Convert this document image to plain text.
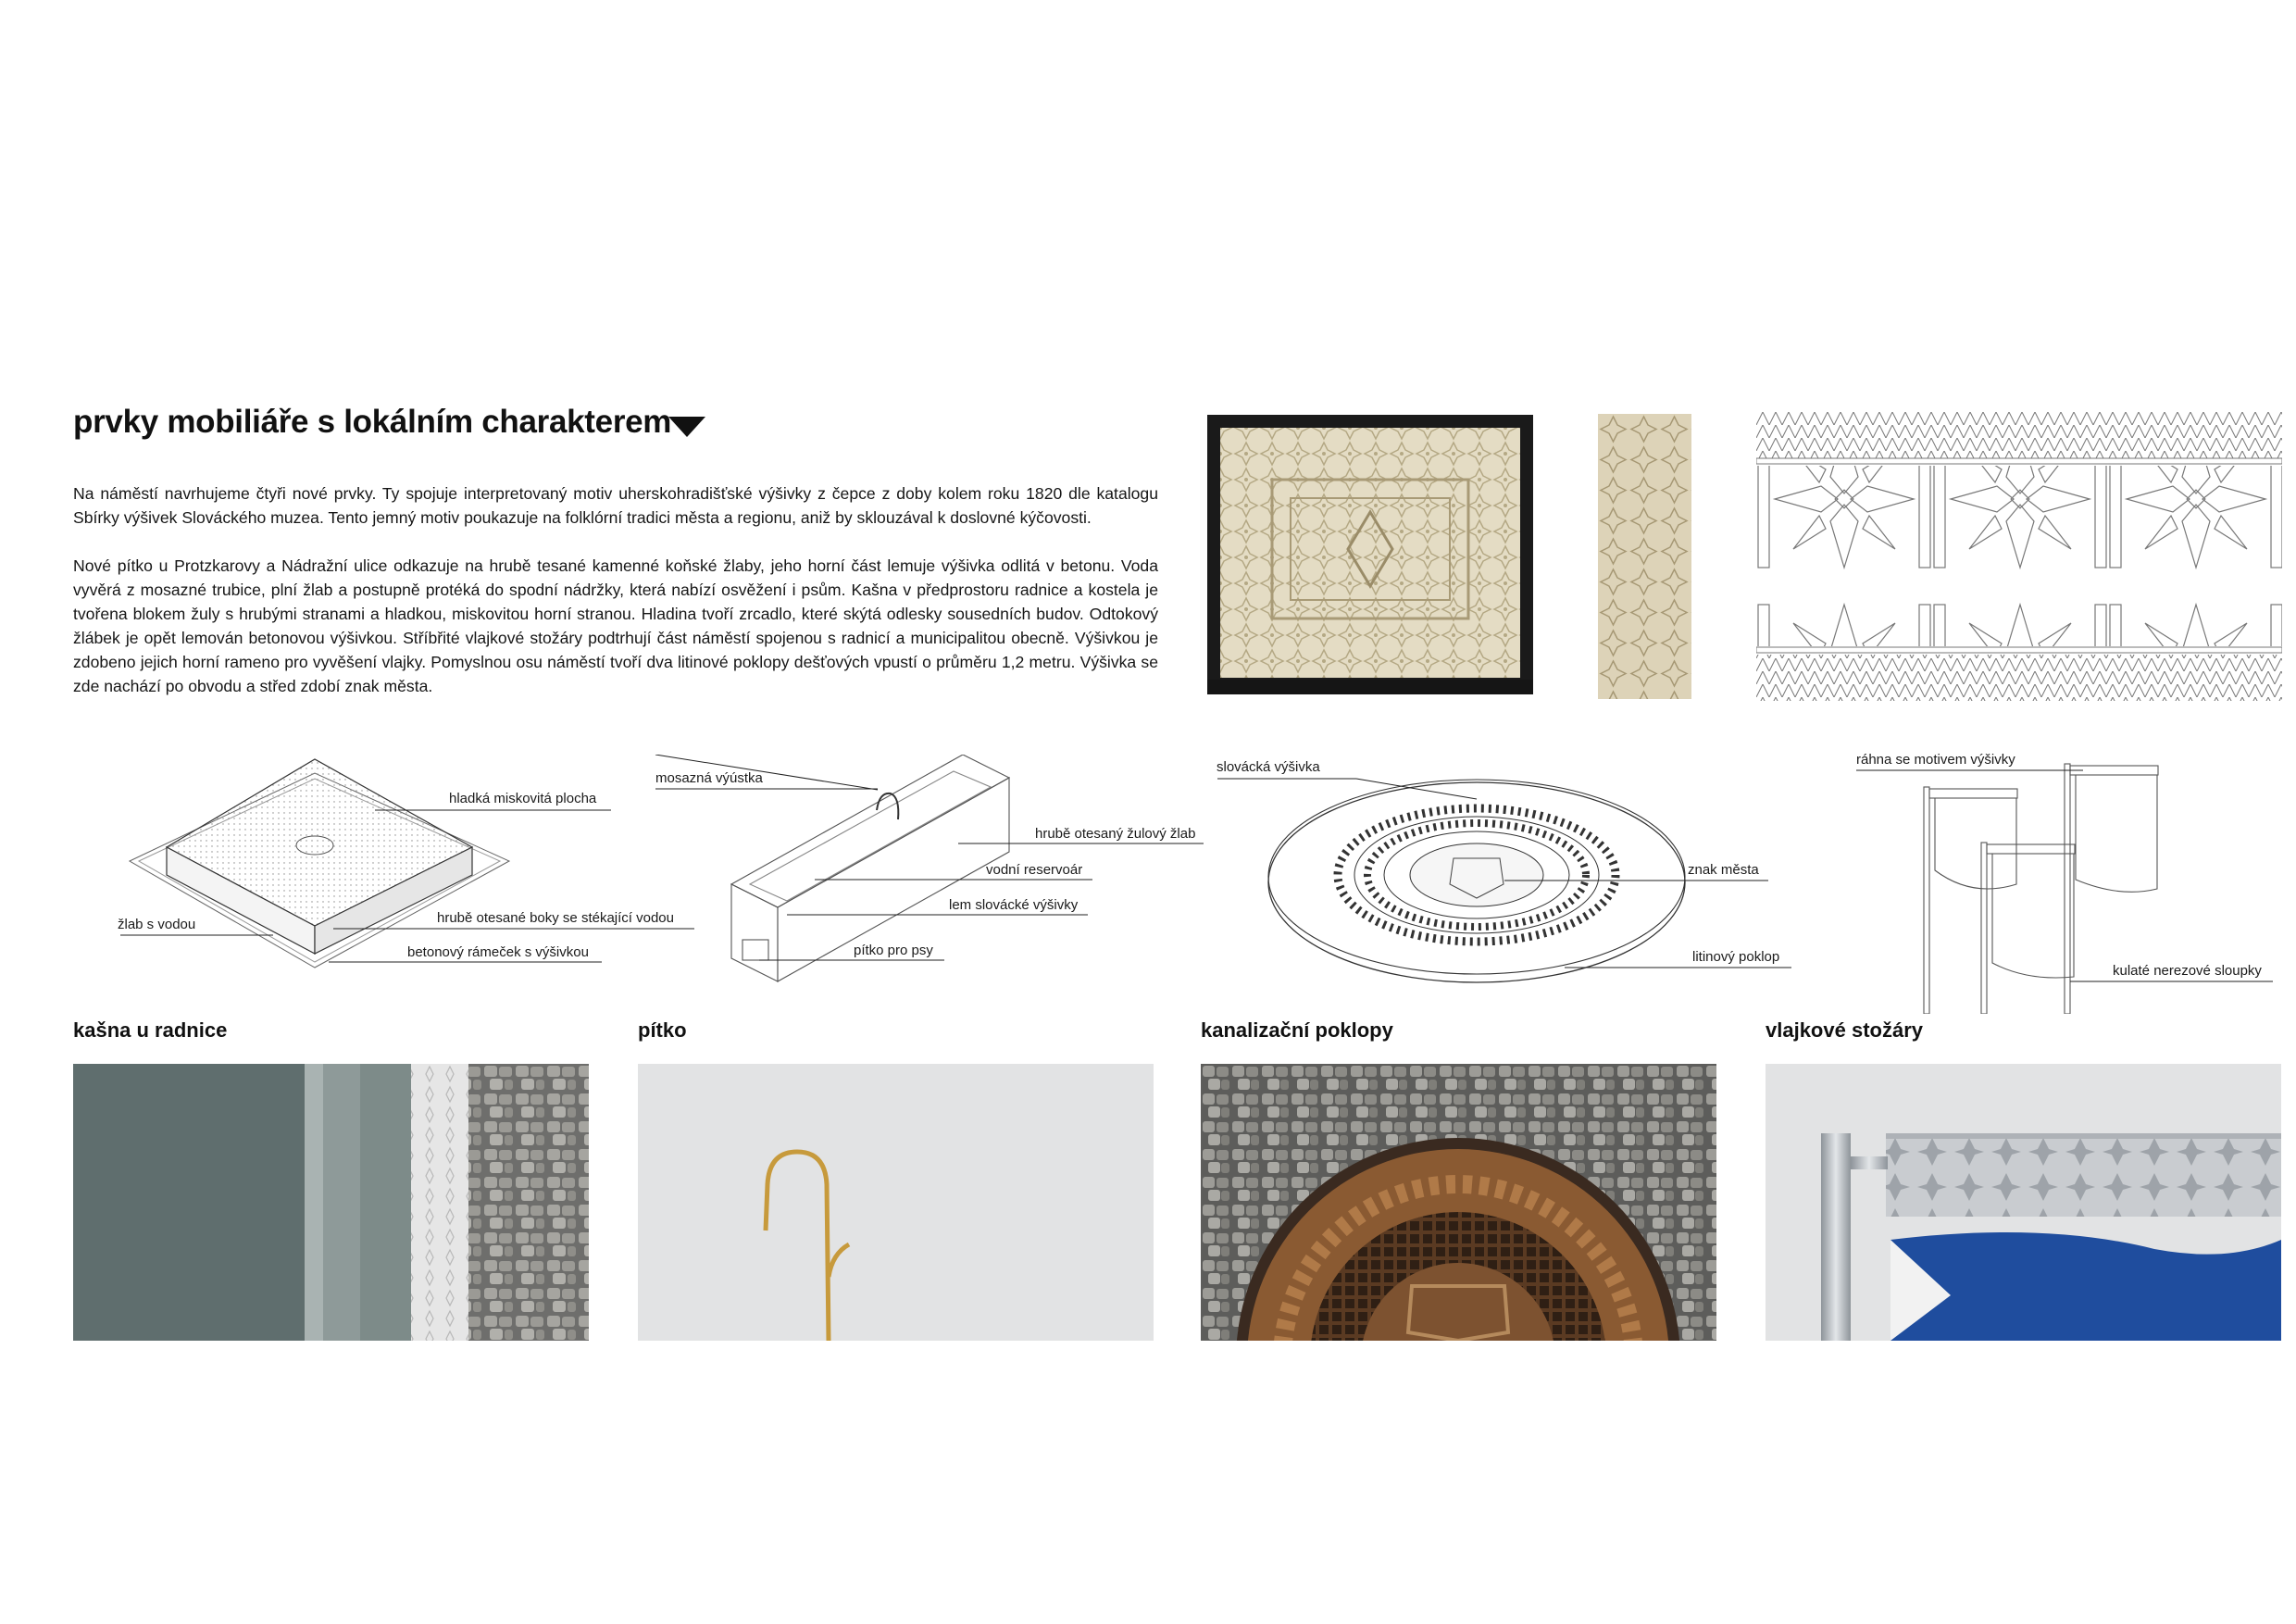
prvky mobiliáře s lokálním charakterem

Na náměstí navrhujeme čtyři nové prvky. Ty spojuje interpretovaný motiv uherskohradišťské výšivky z čepce z doby kolem roku 1820 dle katalogu Sbírky výšivek Slováckého muzea. Tento jemný motiv poukazuje na folklórní tradici města a regionu, aniž by sklouzával k doslovné kýčovosti.

Nové pítko u Protzkarovy a Nádražní ulice odkazuje na hrubě tesané kamenné koňské žlaby, jeho horní část lemuje výšivka odlitá v betonu. Voda vyvěrá z mosazné trubice, plní žlab a postupně protéká do spodní nádržky, která nabízí osvěžení i psům. Kašna v předprostoru radnice a kostela je tvořena blokem žuly s hrubými stranami a hladkou, miskovitou horní stranou. Hladina tvoří zrcadlo, které skýtá odlesky sousedních budov. Odtokový žlábek je opět lemován betonovou výšivkou. Stříbřité vlajkové stožáry podtrhují část náměstí spojenou s radnicí a municipalitou obecně. Výšivkou je zdobeno jejich horní rameno pro vyvěšení vlajky. Pomyslnou osu náměstí tvoří dva litinové poklopy dešťových vpustí o průměru 1,2 metru. Výšivka se zde nachází po obvodu a střed zdobí znak města.

hladká miskovitá plocha
žlab s vodou	hrubě otesané boky se stékající vodou
betonový rámeček s výšivkou
mosazná výústka
hrubě otesaný žulový žlab
vodní reservoár
lem slovácké výšivky
pítko pro psy
slovácká výšivka
znak města
litinový poklop
ráhna se motivem výšivky
kulaté nerezové sloupky
kašna u radnice	pítko	kanalizační poklopy	vlajkové stožáry
